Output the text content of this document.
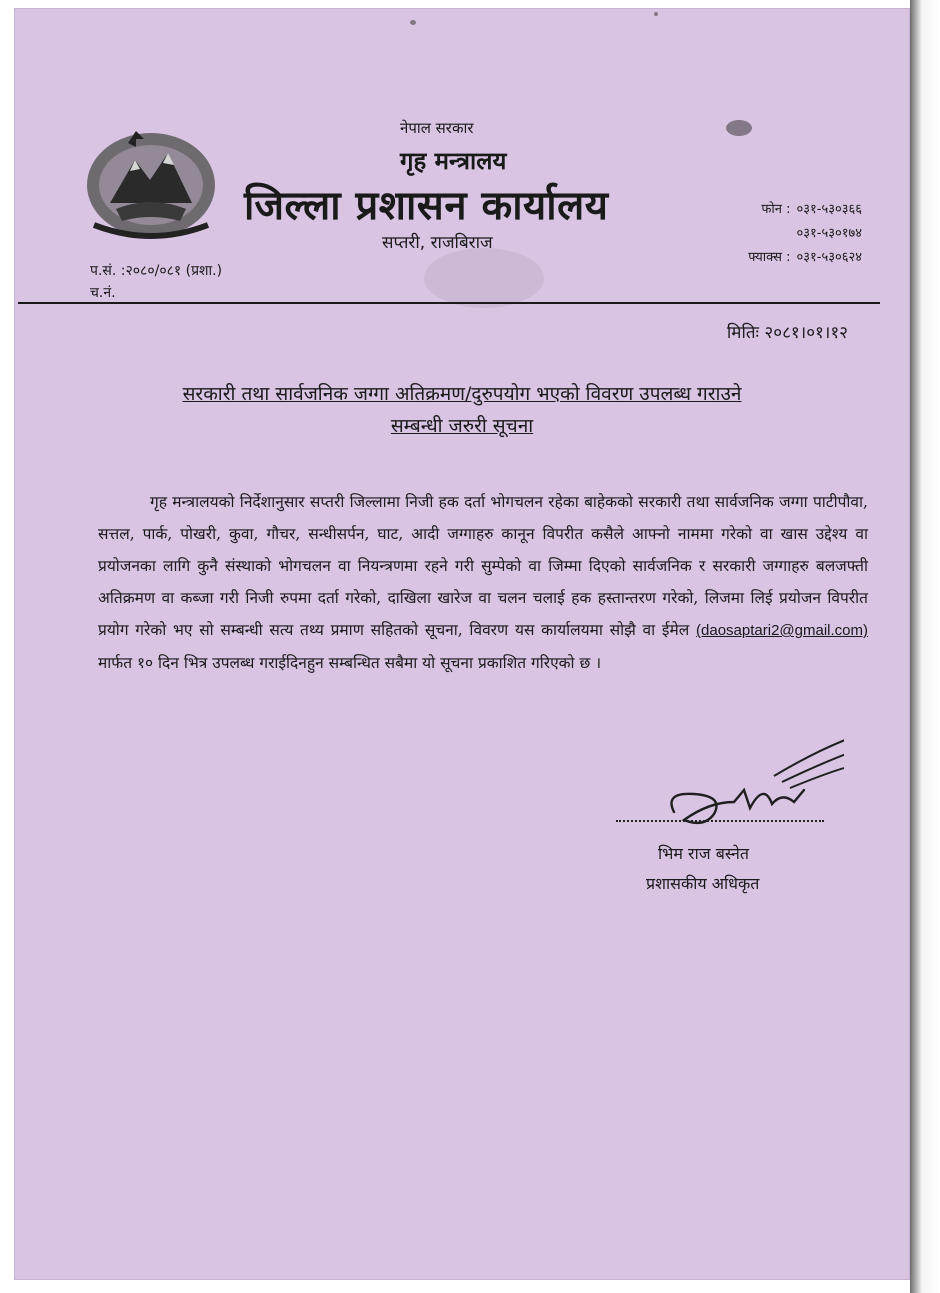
नेपाल सरकार
गृह मन्त्रालय
जिल्ला प्रशासन कार्यालय
सप्तरी, राजबिराज
फोन : ०३१-५३०३६६
०३१-५३०१७४
फ्याक्स : ०३१-५३०६२४
प.सं. :२०८०/०८१ (प्रशा.)
च.नं.
मितिः २०८१।०१।१२
सरकारी तथा सार्वजनिक जग्गा अतिक्रमण/दुरुपयोग भएको विवरण उपलब्ध गराउने
सम्बन्धी जरुरी सूचना
गृह मन्त्रालयको निर्देशानुसार सप्तरी जिल्लामा निजी हक दर्ता भोगचलन रहेका बाहेकको सरकारी तथा सार्वजनिक जग्गा पाटीपौवा, सत्तल, पार्क, पोखरी, कुवा, गौचर, सन्धीसर्पन, घाट, आदी जग्गाहरु कानून विपरीत कसैले आफ्नो नाममा गरेको वा खास उद्देश्य वा प्रयोजनका लागि कुनै संस्थाको भोगचलन वा नियन्त्रणमा रहने गरी सुम्पेको वा जिम्मा दिएको सार्वजनिक र सरकारी जग्गाहरु बलजफ्ती अतिक्रमण वा कब्जा गरी निजी रुपमा दर्ता गरेको, दाखिला खारेज वा चलन चलाई हक हस्तान्तरण गरेको, लिजमा लिई प्रयोजन विपरीत प्रयोग गरेको भए सो सम्बन्धी सत्य तथ्य प्रमाण सहितको सूचना, विवरण यस कार्यालयमा सोझै वा ईमेल (daosaptari2@gmail.com) मार्फत १० दिन भित्र उपलब्ध गराईदिनहुन सम्बन्धित सबैमा यो सूचना प्रकाशित गरिएको छ ।
भिम राज बस्नेत
प्रशासकीय अधिकृत
